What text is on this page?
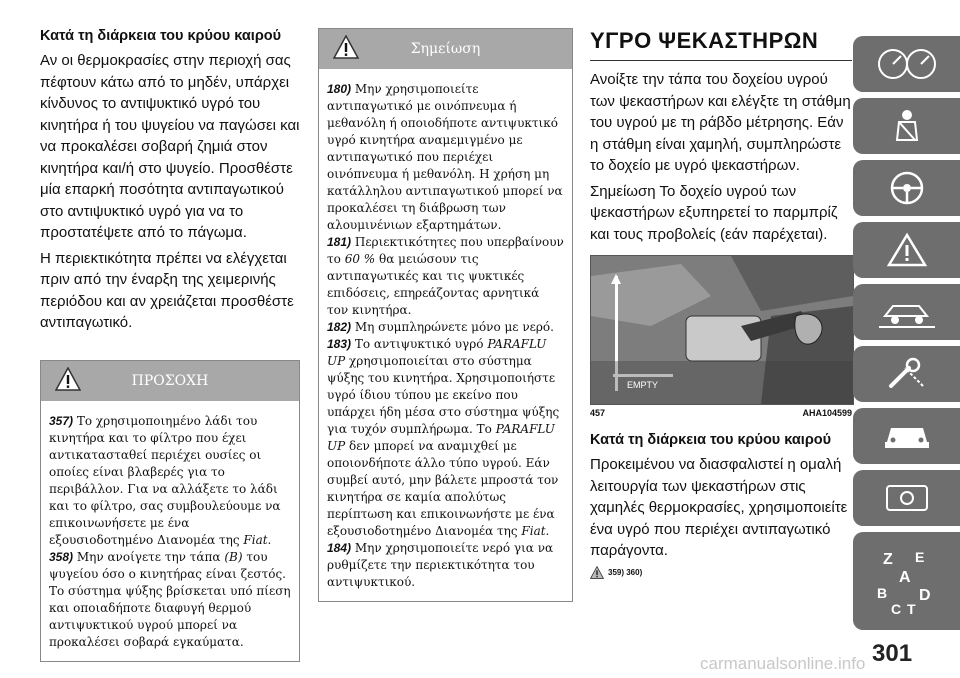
Κατά τη διάρκεια του κρύου καιρού

Αν οι θερμοκρασίες στην περιοχή σας πέφτουν κάτω από το μηδέν, υπάρχει κίνδυνος το αντιψυκτικό υγρό του κινητήρα ή του ψυγείου να παγώσει και να προκαλέσει σοβαρή ζημιά στον κινητήρα και/ή στο ψυγείο. Προσθέστε μία επαρκή ποσότητα αντιπαγωτικού στο αντιψυκτικό υγρό για να το προστατέψετε από το πάγωμα.

Η περιεκτικότητα πρέπει να ελέγχεται πριν από την έναρξη της χειμερινής περιόδου και αν χρειάζεται προσθέστε αντιπαγωτικό.

ΠΡΟΣΟΧΗ

357) Το χρησιμοποιημένο λάδι του κινητήρα και το φίλτρο που έχει αντικατασταθεί περιέχει ουσίες οι οποίες είναι βλαβερές για το περιβάλλον. Για να αλλάξετε το λάδι και το φίλτρο, σας συμβουλεύουμε να επικοινωνήσετε με ένα εξουσιοδοτημένο Διανομέα της Fiat.

358) Μην ανοίγετε την τάπα (B) του ψυγείου όσο ο κινητήρας είναι ζεστός. Το σύστημα ψύξης βρίσκεται υπό πίεση και οποιαδήποτε διαφυγή θερμού αντιψυκτικού υγρού μπορεί να προκαλέσει σοβαρά εγκαύματα.

Σημείωση

180) Μην χρησιμοποιείτε αντιπαγωτικό με οινόπνευμα ή μεθανόλη ή οποιοδήποτε αντιψυκτικό υγρό κινητήρα αναμεμιγμένο με αντιπαγωτικό που περιέχει οινόπνευμα ή μεθανόλη. Η χρήση μη κατάλληλου αντιπαγωτικού μπορεί να προκαλέσει τη διάβρωση των αλουμινένιων εξαρτημάτων.

181) Περιεκτικότητες που υπερβαίνουν το 60 % θα μειώσουν τις αντιπαγωτικές και τις ψυκτικές επιδόσεις, επηρεάζοντας αρνητικά τον κινητήρα.

182) Μη συμπληρώνετε μόνο με νερό.

183) Το αντιψυκτικό υγρό PARAFLU UP χρησιμοποιείται στο σύστημα ψύξης του κινητήρα. Χρησιμοποιήστε υγρό ίδιου τύπου με εκείνο που υπάρχει ήδη μέσα στο σύστημα ψύξης για τυχόν συμπλήρωμα. Το PARAFLU UP δεν μπορεί να αναμιχθεί με οποιονδήποτε άλλο τύπο υγρού. Εάν συμβεί αυτό, μην βάλετε μπροστά τον κινητήρα σε καμία απολύτως περίπτωση και επικοινωνήστε με ένα εξουσιοδοτημένο Διανομέα της Fiat.

184) Μην χρησιμοποιείτε νερό για να ρυθμίζετε την περιεκτικότητα του αντιψυκτικού.

ΥΓΡΟ ΨΕΚΑΣΤΗΡΩΝ

Ανοίξτε την τάπα του δοχείου υγρού των ψεκαστήρων και ελέγξτε τη στάθμη του υγρού με τη ράβδο μέτρησης. Εάν η στάθμη είναι χαμηλή, συμπληρώστε το δοχείο με υγρό ψεκαστήρων.

Σημείωση Το δοχείο υγρού των ψεκαστήρων εξυπηρετεί το παρμπρίζ και τους προβολείς (εάν παρέχεται).

EMPTY
457	AHA104599
Κατά τη διάρκεια του κρύου καιρού

Προκειμένου να διασφαλιστεί η ομαλή λειτουργία των ψεκαστήρων στις χαμηλές θερμοκρασίες, χρησιμοποιείτε ένα υγρό που περιέχει αντιπαγωτικό παράγοντα.

359) 360)
Z E
A
B D
C T
301
carmanualsonline.info
